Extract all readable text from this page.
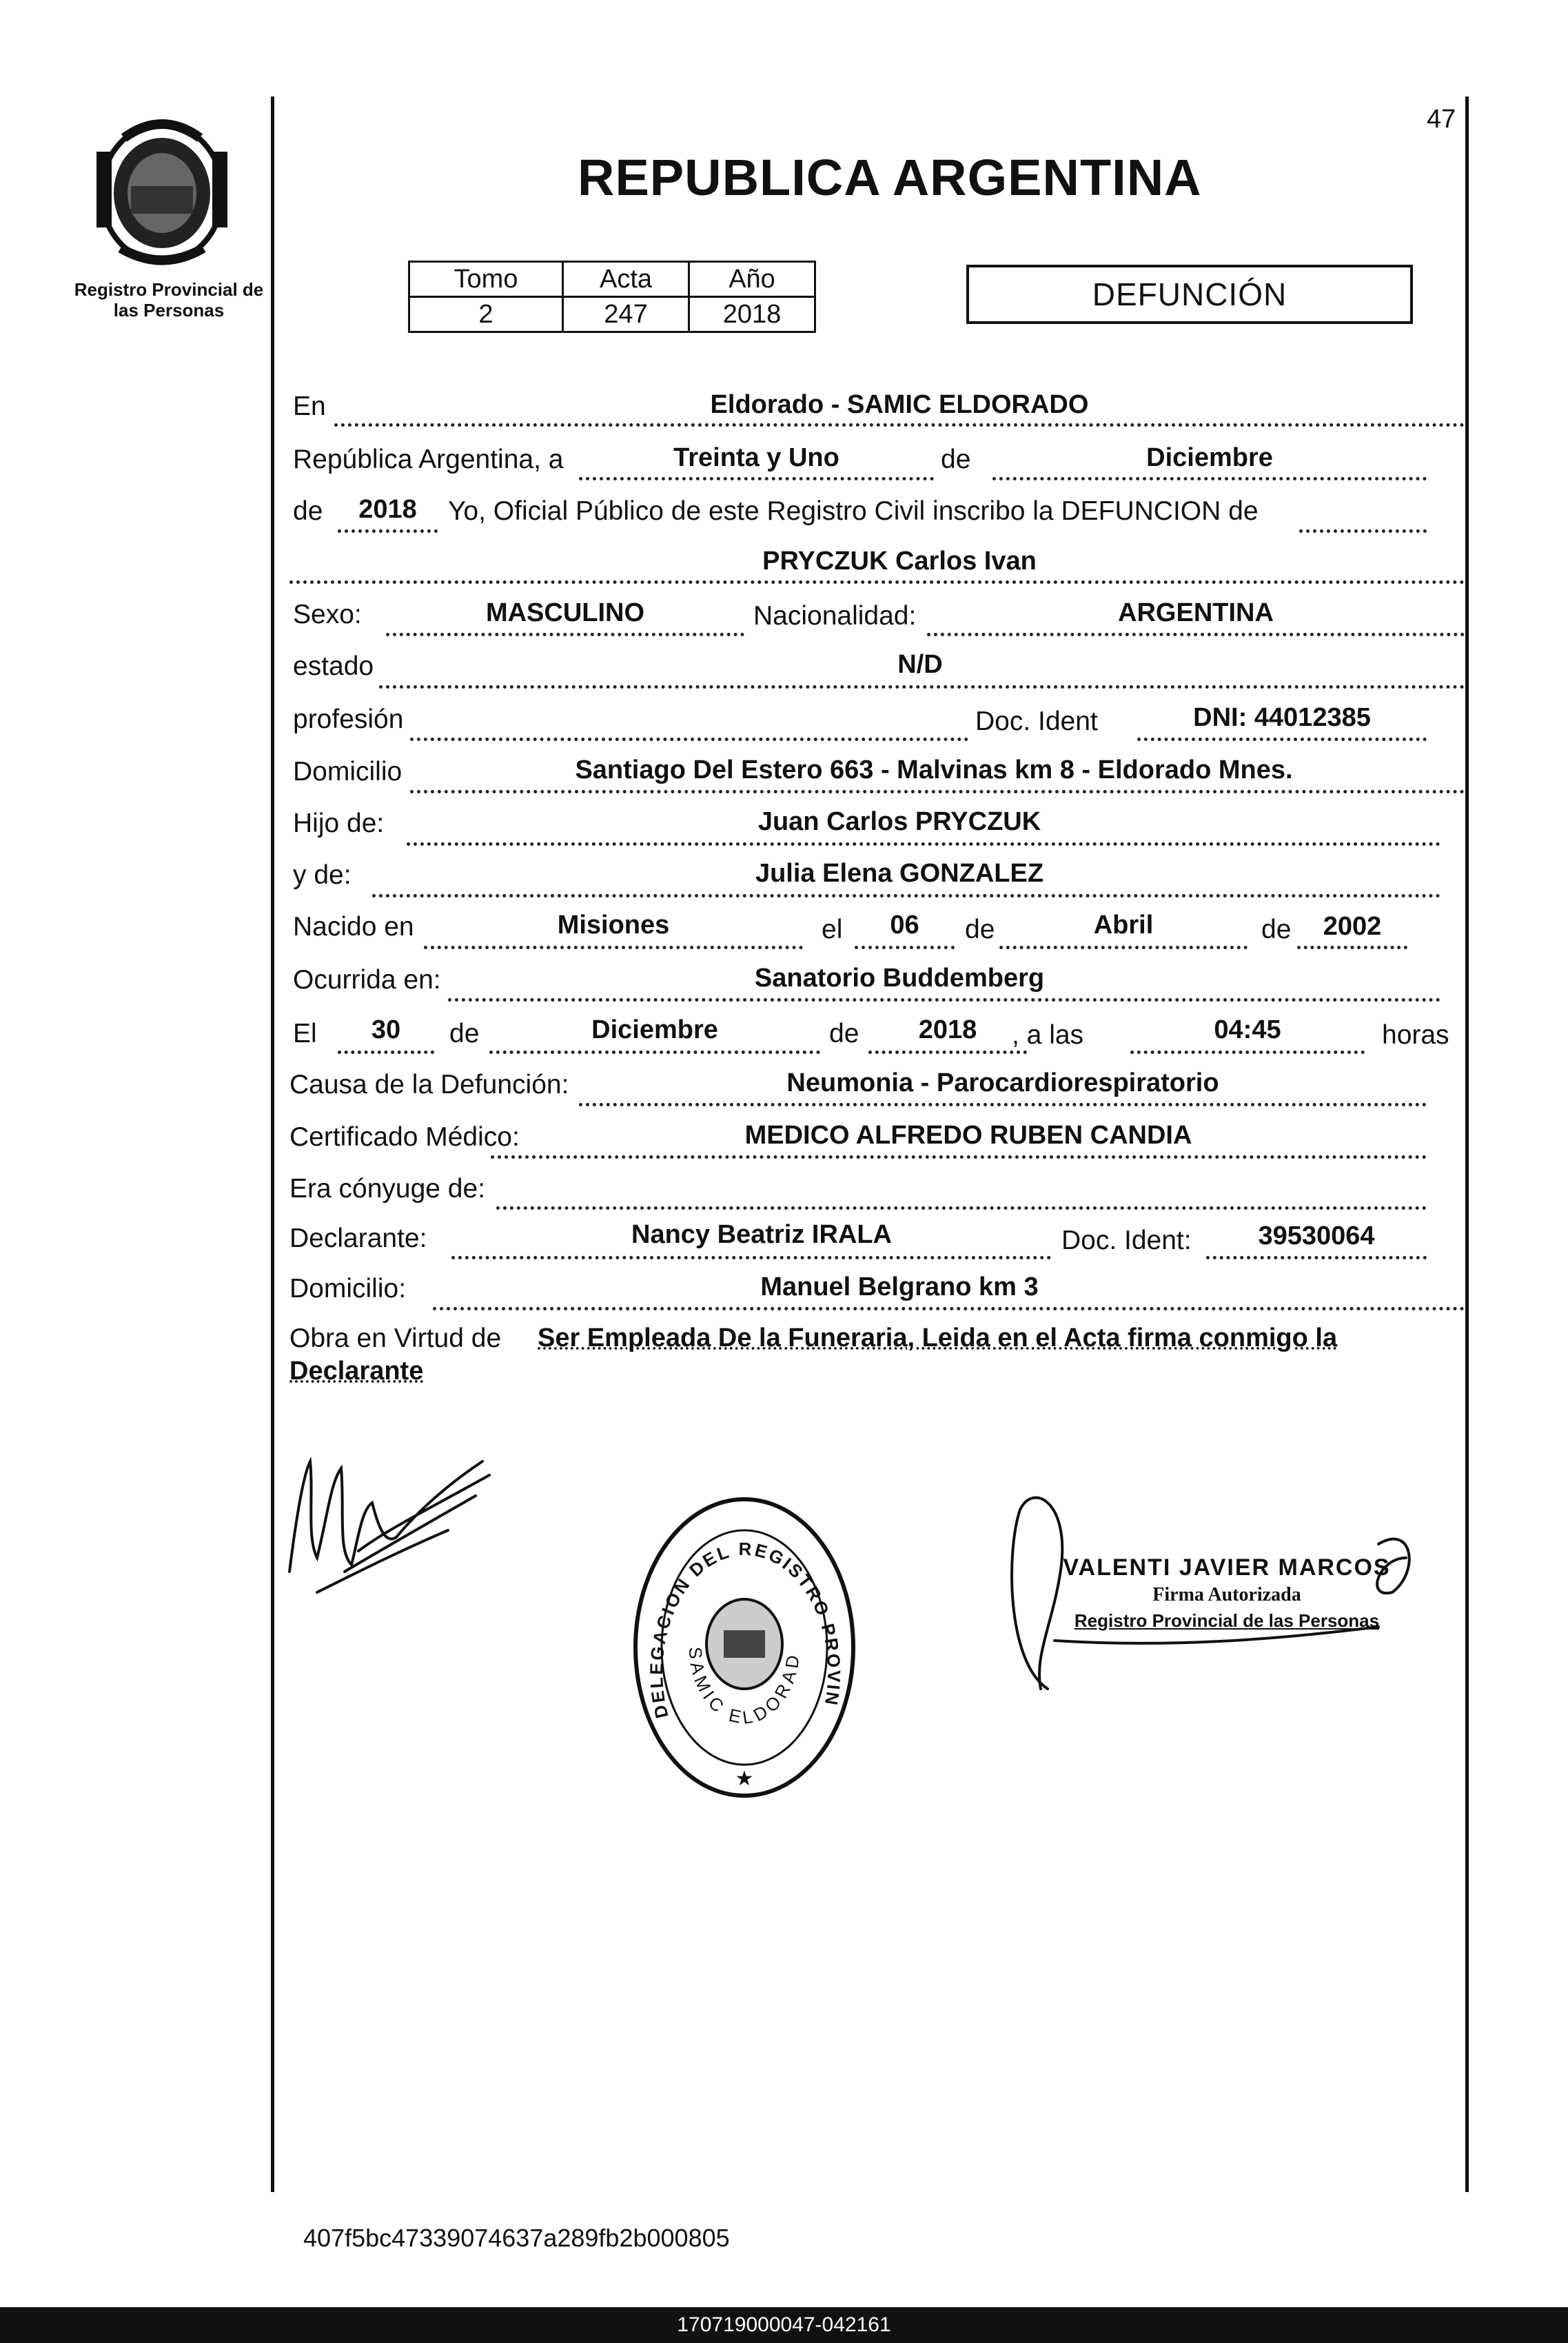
Registro Provincial de
las Personas
47
REPUBLICA ARGENTINA
Tomo	Acta	Año
2	247	2018
DEFUNCIÓN
En	Eldorado - SAMIC ELDORADO
República Argentina, a	Treinta y Uno	de	Diciembre
de	2018	Yo, Oficial Público de este Registro Civil inscribo la DEFUNCION de
PRYCZUK Carlos Ivan
Sexo:	MASCULINO	Nacionalidad:	ARGENTINA
estado	N/D
profesión	Doc. Ident	DNI: 44012385
Domicilio	Santiago Del Estero 663 - Malvinas km 8 - Eldorado Mnes.
Hijo de:	Juan Carlos PRYCZUK
y de:	Julia Elena GONZALEZ
Nacido en	Misiones	el	06	de	Abril	de	2002
Ocurrida en:	Sanatorio Buddemberg
El	30	de	Diciembre	de	2018	, a las	04:45	horas
Causa de la Defunción:	Neumonia - Parocardiorespiratorio
Certificado Médico:	MEDICO ALFREDO RUBEN CANDIA
Era cónyuge de:
Declarante:	Nancy Beatriz IRALA	Doc. Ident:	39530064
Domicilio:	Manuel Belgrano km 3
Obra en Virtud de Ser Empleada De la Funeraria, Leida en el Acta firma conmigo la
Declarante
DELEGACION DEL REGISTRO PROVIN
SAMIC ELDORAD
★
VALENTI JAVIER MARCOS
Firma Autorizada
Registro Provincial de las Personas
407f5bc47339074637a289fb2b000805
170719000047-042161
